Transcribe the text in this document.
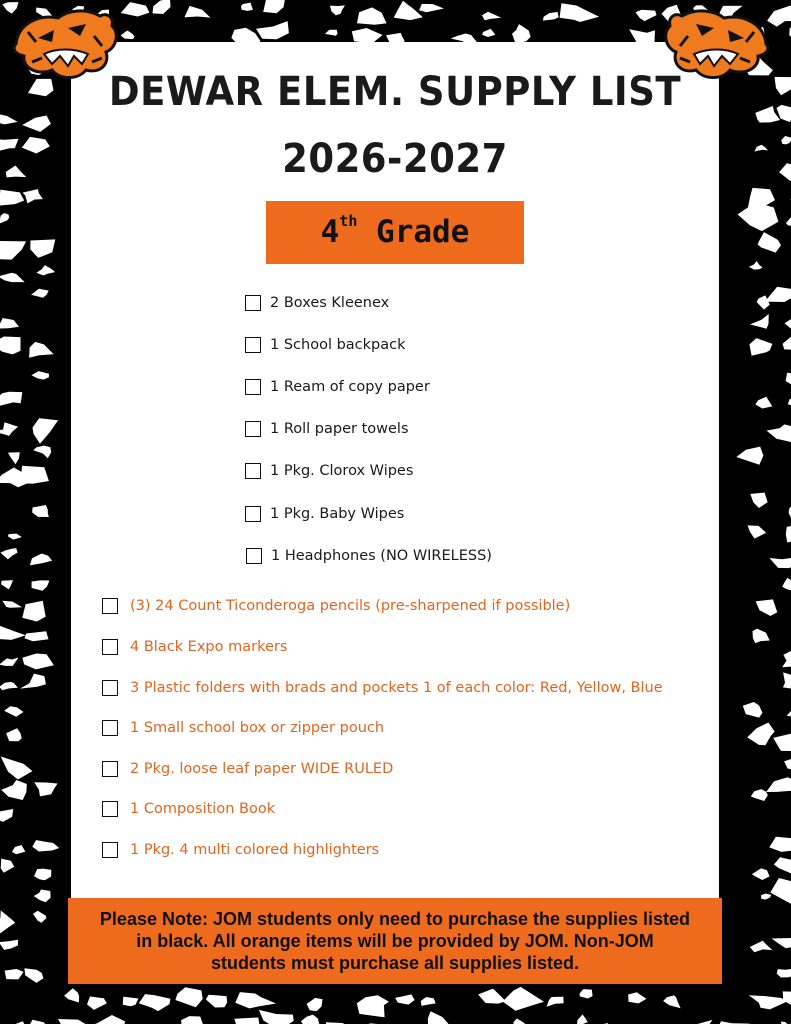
DEWAR ELEM. SUPPLY LIST
2026-2027
4th Grade
2 Boxes Kleenex
1 School backpack
1 Ream of copy paper
1 Roll paper towels
1 Pkg. Clorox Wipes
1 Pkg. Baby Wipes
1 Headphones (NO WIRELESS)
(3) 24 Count Ticonderoga pencils (pre-sharpened if possible)
4 Black Expo markers
3 Plastic folders with brads and pockets 1 of each color: Red, Yellow, Blue
1 Small school box or zipper pouch
2 Pkg. loose leaf paper WIDE RULED
1 Composition Book
1 Pkg. 4 multi colored highlighters
Please Note: JOM students only need to purchase the supplies listed
in black. All orange items will be provided by JOM. Non-JOM
students must purchase all supplies listed.
